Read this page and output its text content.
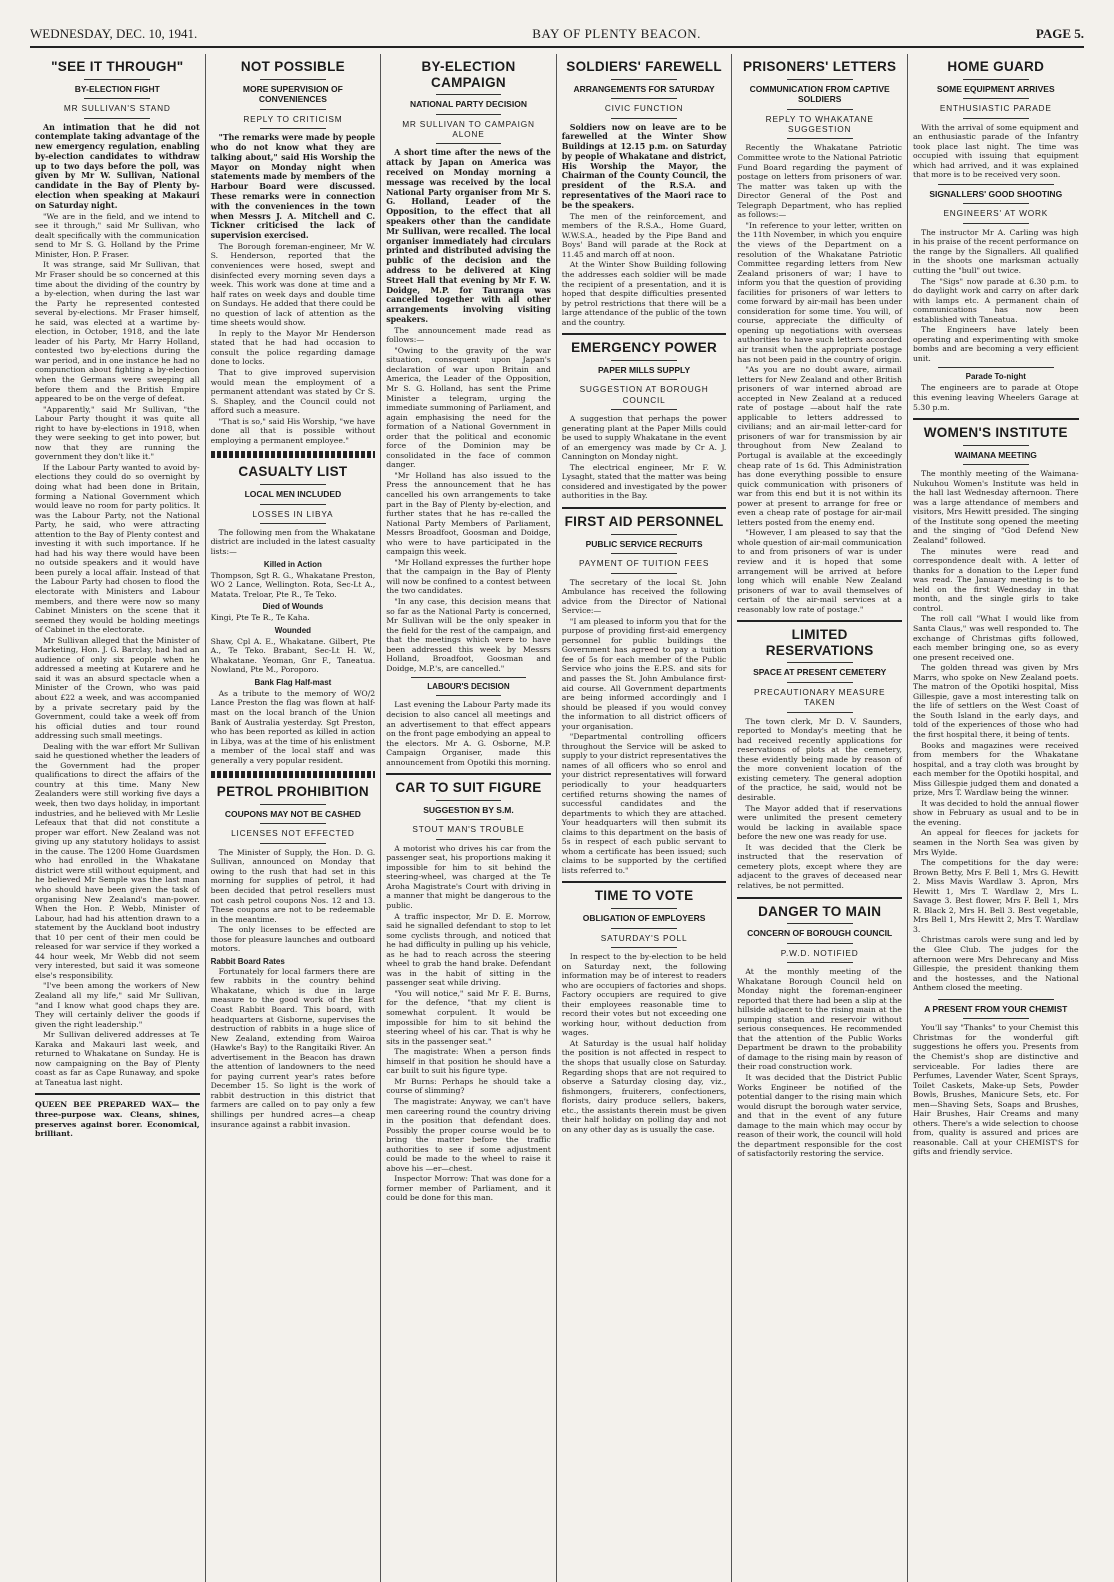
WEDNESDAY, DEC. 10, 1941.	BAY OF PLENTY BEACON.	PAGE 5.
"SEE IT THROUGH"
BY-ELECTION FIGHT
MR SULLIVAN'S STAND

An intimation that he did not contemplate taking advantage of the new emergency regulation, enabling by-election candidates to withdraw up to two days before the poll, was given by Mr W. Sullivan, National candidate in the Bay of Plenty by-election when speaking at Makauri on Saturday night.

"We are in the field, and we intend to see it through," said Mr Sullivan, who dealt specifically with the communication send to Mr S. G. Holland by the Prime Minister, Hon. P. Fraser.

It was strange, said Mr Sullivan, that Mr Fraser should be so concerned at this time about the dividing of the country by a by-election, when during the last war the Party he represented contested several by-elections. Mr Fraser himself, he said, was elected at a wartime by-election, in October, 1918, and the late leader of his Party, Mr Harry Holland, contested two by-elections during the war period, and in one instance he had no compunction about fighting a by-election when the Germans were sweeping all before them and the British Empire appeared to be on the verge of defeat.

"Apparently," said Mr Sullivan, "the Labour Party thought it was quite all right to have by-elections in 1918, when they were seeking to get into power, but now that they are running the government they don't like it."

If the Labour Party wanted to avoid by-elections they could do so overnight by doing what had been done in Britain, forming a National Government which would leave no room for party politics. It was the Labour Party, not the National Party, he said, who were attracting attention to the Bay of Plenty contest and investing it with such importance. If he had had his way there would have been no outside speakers and it would have been purely a local affair. Instead of that the Labour Party had chosen to flood the electorate with Ministers and Labour members, and there were now so many Cabinet Ministers on the scene that it seemed they would be holding meetings of Cabinet in the electorate.

Mr Sullivan alleged that the Minister of Marketing, Hon. J. G. Barclay, had had an audience of only six people when he addressed a meeting at Kutarere and he said it was an absurd spectacle when a Minister of the Crown, who was paid about £22 a week, and was accompanied by a private secretary paid by the Government, could take a week off from his official duties and tour round addressing such small meetings.

Dealing with the war effort Mr Sullivan said he questioned whether the leaders of the Government had the proper qualifications to direct the affairs of the country at this time. Many New Zealanders were still working five days a week, then two days holiday, in important industries, and he believed with Mr Leslie Lefeaux that that did not constitute a proper war effort. New Zealand was not giving up any statutory holidays to assist in the cause. The 1200 Home Guardsmen who had enrolled in the Whakatane district were still without equipment, and he believed Mr Semple was the last man who should have been given the task of organising New Zealand's man-power. When the Hon. P. Webb, Minister of Labour, had had his attention drawn to a statement by the Auckland boot industry that 10 per cent of their men could be released for war service if they worked a 44 hour week, Mr Webb did not seem very interested, but said it was someone else's responsibility.

"I've been among the workers of New Zealand all my life," said Mr Sullivan, "and I know what good chaps they are. They will certainly deliver the goods if given the right leadership."

Mr Sullivan delivered addresses at Te Karaka and Makauri last week, and returned to Whakatane on Sunday. He is now campaigning on the Bay of Plenty coast as far as Cape Runaway, and spoke at Taneatua last night.

QUEEN BEE PREPARED WAX— the three-purpose wax. Cleans, shines, preserves against borer. Economical, brilliant.

NOT POSSIBLE
MORE SUPERVISION OF CONVENIENCES
REPLY TO CRITICISM

"The remarks were made by people who do not know what they are talking about," said His Worship the Mayor on Monday night when statements made by members of the Harbour Board were discussed. These remarks were in connection with the conveniences in the town when Messrs J. A. Mitchell and C. Tickner criticised the lack of supervision exercised.

The Borough foreman-engineer, Mr W. S. Henderson, reported that the conveniences were hosed, swept and disinfected every morning seven days a week. This work was done at time and a half rates on week days and double time on Sundays. He added that there could be no question of lack of attention as the time sheets would show.

In reply to the Mayor Mr Henderson stated that he had had occasion to consult the police regarding damage done to locks.

That to give improved supervision would mean the employment of a permanent attendant was stated by Cr S. S. Shapley, and the Council could not afford such a measure.

"That is so," said His Worship, "we have done all that is possible without employing a permanent employee."

CASUALTY LIST
LOCAL MEN INCLUDED
LOSSES IN LIBYA

The following men from the Whakatane district are included in the latest casualty lists:—

Killed in Action

Thompson, Sgt R. G., Whakatane Preston, WO 2 Lance, Wellington. Rota, Sec-Lt A., Matata. Treloar, Pte R., Te Teko.

Died of Wounds

Kingi, Pte Te R., Te Kaha.

Wounded

Shaw, Cpl A. E., Whakatane. Gilbert, Pte A., Te Teko. Brabant, Sec-Lt H. W., Whakatane. Yeoman, Gnr F., Taneatua. Nowland, Pte M., Poroporo.

Bank Flag Half-mast

As a tribute to the memory of WO/2 Lance Preston the flag was flown at half-mast on the local branch of the Union Bank of Australia yesterday. Sgt Preston, who has been reported as killed in action in Libya, was at the time of his enlistment a member of the local staff and was generally a very popular resident.

PETROL PROHIBITION
COUPONS MAY NOT BE CASHED
LICENSES NOT EFFECTED

The Minister of Supply, the Hon. D. G. Sullivan, announced on Monday that owing to the rush that had set in this morning for supplies of petrol, it had been decided that petrol resellers must not cash petrol coupons Nos. 12 and 13. These coupons are not to be redeemable in the meantime.

The only licenses to be effected are those for pleasure launches and outboard motors.

Rabbit Board Rates

Fortunately for local farmers there are few rabbits in the country behind Whakatane, which is due in large measure to the good work of the East Coast Rabbit Board. This board, with headquarters at Gisborne, supervises the destruction of rabbits in a huge slice of New Zealand, extending from Wairoa (Hawke's Bay) to the Rangitaiki River. An advertisement in the Beacon has drawn the attention of landowners to the need for paying current year's rates before December 15. So light is the work of rabbit destruction in this district that farmers are called on to pay only a few shillings per hundred acres—a cheap insurance against a rabbit invasion.

BY-ELECTION CAMPAIGN
NATIONAL PARTY DECISION
MR SULLIVAN TO CAMPAIGN ALONE

A short time after the news of the attack by Japan on America was received on Monday morning a message was received by the local National Party organiser from Mr S. G. Holland, Leader of the Opposition, to the effect that all speakers other than the candidate Mr Sullivan, were recalled. The local organiser immediately had circulars printed and distributed advising the public of the decision and the address to be delivered at King Street Hall that evening by Mr F. W. Doidge, M.P. for Tauranga was cancelled together with all other arrangements involving visiting speakers.

The announcement made read as follows:—

"Owing to the gravity of the war situation, consequent upon Japan's declaration of war upon Britain and America, the Leader of the Opposition, Mr S. G. Holland, has sent the Prime Minister a telegram, urging the immediate summoning of Parliament, and again emphasising the need for the formation of a National Government in order that the political and economic force of the Dominion may be consolidated in the face of common danger.

"Mr Holland has also issued to the Press the announcement that he has cancelled his own arrangements to take part in the Bay of Plenty by-election, and further states that he has re-called the National Party Members of Parliament, Messrs Broadfoot, Goosman and Doidge, who were to have participated in the campaign this week.

"Mr Holland expresses the further hope that the campaign in the Bay of Plenty will now be confined to a contest between the two candidates.

"In any case, this decision means that so far as the National Party is concerned, Mr Sullivan will be the only speaker in the field for the rest of the campaign, and that the meetings which were to have been addressed this week by Messrs Holland, Broadfoot, Goosman and Doidge, M.P.'s, are cancelled."

LABOUR'S DECISION

Last evening the Labour Party made its decision to also cancel all meetings and an advertisement to that effect appears on the front page embodying an appeal to the electors. Mr A. G. Osborne, M.P. Campaign Organiser, made this announcement from Opotiki this morning.

CAR TO SUIT FIGURE
SUGGESTION BY S.M.
STOUT MAN'S TROUBLE

A motorist who drives his car from the passenger seat, his proportions making it impossible for him to sit behind the steering-wheel, was charged at the Te Aroha Magistrate's Court with driving in a manner that might be dangerous to the public.

A traffic inspector, Mr D. E. Morrow, said he signalled defendant to stop to let some cyclists through, and noticed that he had difficulty in pulling up his vehicle, as he had to reach across the steering wheel to grab the hand brake. Defendant was in the habit of sitting in the passenger seat while driving.

"You will notice," said Mr F. E. Burns, for the defence, "that my client is somewhat corpulent. It would be impossible for him to sit behind the steering wheel of his car. That is why he sits in the passenger seat."

The magistrate: When a person finds himself in that position he should have a car built to suit his figure type.

Mr Burns: Perhaps he should take a course of slimming?

The magistrate: Anyway, we can't have men careering round the country driving in the position that defendant does. Possibly the proper course would be to bring the matter before the traffic authorities to see if some adjustment could be made to the wheel to raise it above his —er—chest.

Inspector Morrow: That was done for a former member of Parliament, and it could be done for this man.

SOLDIERS' FAREWELL
ARRANGEMENTS FOR SATURDAY
CIVIC FUNCTION

Soldiers now on leave are to be farewelled at the Winter Show Buildings at 12.15 p.m. on Saturday by people of Whakatane and district, His Worship the Mayor, the Chairman of the County Council, the president of the R.S.A. and representatives of the Maori race to be the speakers.

The men of the reinforcement, and members of the R.S.A., Home Guard, W.W.S.A., headed by the Pipe Band and Boys' Band will parade at the Rock at 11.45 and march off at noon.

At the Winter Show Building following the addresses each soldier will be made the recipient of a presentation, and it is hoped that despite difficulties presented by petrol restrictions that there will be a large attendance of the public of the town and the country.

EMERGENCY POWER
PAPER MILLS SUPPLY
SUGGESTION AT BOROUGH COUNCIL

A suggestion that perhaps the power generating plant at the Paper Mills could be used to supply Whakatane in the event of an emergency was made by Cr A. J. Cannington on Monday night.

The electrical engineer, Mr F. W. Lysaght, stated that the matter was being considered and investigated by the power authorities in the Bay.

FIRST AID PERSONNEL
PUBLIC SERVICE RECRUITS
PAYMENT OF TUITION FEES

The secretary of the local St. John Ambulance has received the following advice from the Director of National Service:—

"I am pleased to inform you that for the purpose of providing first-aid emergency personnel for public buildings the Government has agreed to pay a tuition fee of 5s for each member of the Public Service who joins the E.P.S. and sits for and passes the St. John Ambulance first-aid course. All Government departments are being informed accordingly and I should be pleased if you would convey the information to all district officers of your organisation.

"Departmental controlling officers throughout the Service will be asked to supply to your district representatives the names of all officers who so enrol and your district representatives will forward periodically to your headquarters certified returns showing the names of successful candidates and the departments to which they are attached. Your headquarters will then submit its claims to this department on the basis of 5s in respect of each public servant to whom a certificate has been issued; such claims to be supported by the certified lists referred to."

TIME TO VOTE
OBLIGATION OF EMPLOYERS
SATURDAY'S POLL

In respect to the by-election to be held on Saturday next, the following information may be of interest to readers who are occupiers of factories and shops. Factory occupiers are required to give their employees reasonable time to record their votes but not exceeding one working hour, without deduction from wages.

At Saturday is the usual half holiday the position is not affected in respect to the shops that usually close on Saturday. Regarding shops that are not required to observe a Saturday closing day, viz., fishmongers, fruiterers, confectioners, florists, dairy produce sellers, bakers, etc., the assistants therein must be given their half holiday on polling day and not on any other day as is usually the case.

PRISONERS' LETTERS
COMMUNICATION FROM CAPTIVE SOLDIERS
REPLY TO WHAKATANE SUGGESTION

Recently the Whakatane Patriotic Committee wrote to the National Patriotic Fund Board regarding the payment of postage on letters from prisoners of war. The matter was taken up with the Director General of the Post and Telegraph Department, who has replied as follows:—

"In reference to your letter, written on the 11th November, in which you enquire the views of the Department on a resolution of the Whakatane Patriotic Committee regarding letters from New Zealand prisoners of war; I have to inform you that the question of providing facilities for prisoners of war letters to come forward by air-mail has been under consideration for some time. You will, of course, appreciate the difficulty of opening up negotiations with overseas authorities to have such letters accorded air transit when the appropriate postage has not been paid in the country of origin.

"As you are no doubt aware, airmail letters for New Zealand and other British prisoners of war interned abroad are accepted in New Zealand at a reduced rate of postage —about half the rate applicable to letters addressed to civilians; and an air-mail letter-card for prisoners of war for transmission by air throughout from New Zealand to Portugal is available at the exceedingly cheap rate of 1s 6d. This Administration has done everything possible to ensure quick communication with prisoners of war from this end but it is not within its power at present to arrange for free or even a cheap rate of postage for air-mail letters posted from the enemy end.

"However, I am pleased to say that the whole question of air-mail communication to and from prisoners of war is under review and it is hoped that some arrangement will be arrived at before long which will enable New Zealand prisoners of war to avail themselves of certain of the air-mail services at a reasonably low rate of postage."

LIMITED RESERVATIONS
SPACE AT PRESENT CEMETERY
PRECAUTIONARY MEASURE TAKEN

The town clerk, Mr D. V. Saunders, reported to Monday's meeting that he had received recently applications for reservations of plots at the cemetery, these evidently being made by reason of the more convenient location of the existing cemetery. The general adoption of the practice, he said, would not be desirable.

The Mayor added that if reservations were unlimited the present cemetery would be lacking in available space before the new one was ready for use.

It was decided that the Clerk be instructed that the reservation of cemetery plots, except where they are adjacent to the graves of deceased near relatives, be not permitted.

DANGER TO MAIN
CONCERN OF BOROUGH COUNCIL
P.W.D. NOTIFIED

At the monthly meeting of the Whakatane Borough Council held on Monday night the foreman-engineer reported that there had been a slip at the hillside adjacent to the rising main at the pumping station and reservoir without serious consequences. He recommended that the attention of the Public Works Department be drawn to the probability of damage to the rising main by reason of their road construction work.

It was decided that the District Public Works Engineer be notified of the potential danger to the rising main which would disrupt the borough water service, and that in the event of any future damage to the main which may occur by reason of their work, the council will hold the department responsible for the cost of satisfactorily restoring the service.

HOME GUARD
SOME EQUIPMENT ARRIVES
ENTHUSIASTIC PARADE

With the arrival of some equipment and an enthusiastic parade of the Infantry took place last night. The time was occupied with issuing that equipment which had arrived, and it was explained that more is to be received very soon.

SIGNALLERS' GOOD SHOOTING
ENGINEERS' AT WORK

The instructor Mr A. Carling was high in his praise of the recent performance on the range by the Signallers. All qualified in the shoots one marksman actually cutting the "bull" out twice.

The "Sigs" now parade at 6.30 p.m. to do daylight work and carry on after dark with lamps etc. A permanent chain of communications has now been established with Taneatua.

The Engineers have lately been operating and experimenting with smoke bombs and are becoming a very efficient unit.

Parade To-night

The engineers are to parade at Otope this evening leaving Wheelers Garage at 5.30 p.m.

WOMEN'S INSTITUTE
WAIMANA MEETING

The monthly meeting of the Waimana-Nukuhou Women's Institute was held in the hall last Wednesday afternoon. There was a large attendance of members and visitors, Mrs Hewitt presided. The singing of the Institute song opened the meeting and the singing of "God Defend New Zealand" followed.

The minutes were read and correspondence dealt with. A letter of thanks for a donation to the Leper fund was read. The January meeting is to be held on the first Wednesday in that month, and the single girls to take control.

The roll call "What I would like from Santa Claus," was well responded to. The exchange of Christmas gifts followed, each member bringing one, so as every one present received one.

The golden thread was given by Mrs Marrs, who spoke on New Zealand poets. The matron of the Opotiki hospital, Miss Gillespie, gave a most interesting talk on the life of settlers on the West Coast of the South Island in the early days, and told of the experiences of those who had the first hospital there, it being of tents.

Books and magazines were received from members for the Whakatane hospital, and a tray cloth was brought by each member for the Opotiki hospital, and Miss Gillespie judged them and donated a prize, Mrs T. Wardlaw being the winner.

It was decided to hold the annual flower show in February as usual and to be in the evening.

An appeal for fleeces for jackets for seamen in the North Sea was given by Mrs Wylde.

The competitions for the day were: Brown Betty, Mrs F. Bell 1, Mrs G. Hewitt 2. Miss Mavis Wardlaw 3. Apron, Mrs Hewitt 1, Mrs T. Wardlaw 2, Mrs L. Savage 3. Best flower, Mrs F. Bell 1, Mrs R. Black 2, Mrs H. Bell 3. Best vegetable, Mrs Bell 1, Mrs Hewitt 2, Mrs T. Wardlaw 3.

Christmas carols were sung and led by the Glee Club. The judges for the afternoon were Mrs Dehrecany and Miss Gillespie, the president thanking them and the hostesses, and the National Anthem closed the meeting.

A PRESENT FROM YOUR CHEMIST

You'll say "Thanks" to your Chemist this Christmas for the wonderful gift suggestions he offers you. Presents from the Chemist's shop are distinctive and serviceable. For ladies there are Perfumes, Lavender Water, Scent Sprays, Toilet Caskets, Make-up Sets, Powder Bowls, Brushes, Manicure Sets, etc. For men—Shaving Sets, Soaps and Brushes, Hair Brushes, Hair Creams and many others. There's a wide selection to choose from, quality is assured and prices are reasonable. Call at your CHEMIST'S for gifts and friendly service.
